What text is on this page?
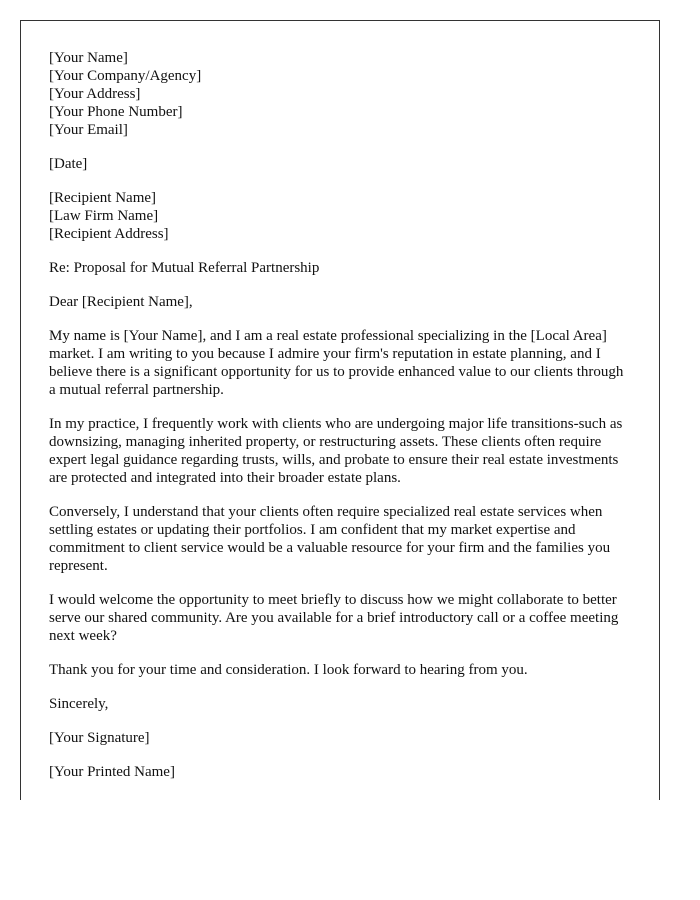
[Your Name]
[Your Company/Agency]
[Your Address]
[Your Phone Number]
[Your Email]
[Date]
[Recipient Name]
[Law Firm Name]
[Recipient Address]

Re: Proposal for Mutual Referral Partnership

Dear [Recipient Name],

My name is [Your Name], and I am a real estate professional specializing in the [Local Area] market. I am writing to you because I admire your firm's reputation in estate planning, and I believe there is a significant opportunity for us to provide enhanced value to our clients through a mutual referral partnership.

In my practice, I frequently work with clients who are undergoing major life transitions-such as downsizing, managing inherited property, or restructuring assets. These clients often require expert legal guidance regarding trusts, wills, and probate to ensure their real estate investments are protected and integrated into their broader estate plans.

Conversely, I understand that your clients often require specialized real estate services when settling estates or updating their portfolios. I am confident that my market expertise and commitment to client service would be a valuable resource for your firm and the families you represent.

I would welcome the opportunity to meet briefly to discuss how we might collaborate to better serve our shared community. Are you available for a brief introductory call or a coffee meeting next week?

Thank you for your time and consideration. I look forward to hearing from you.

Sincerely,

[Your Signature]

[Your Printed Name]
